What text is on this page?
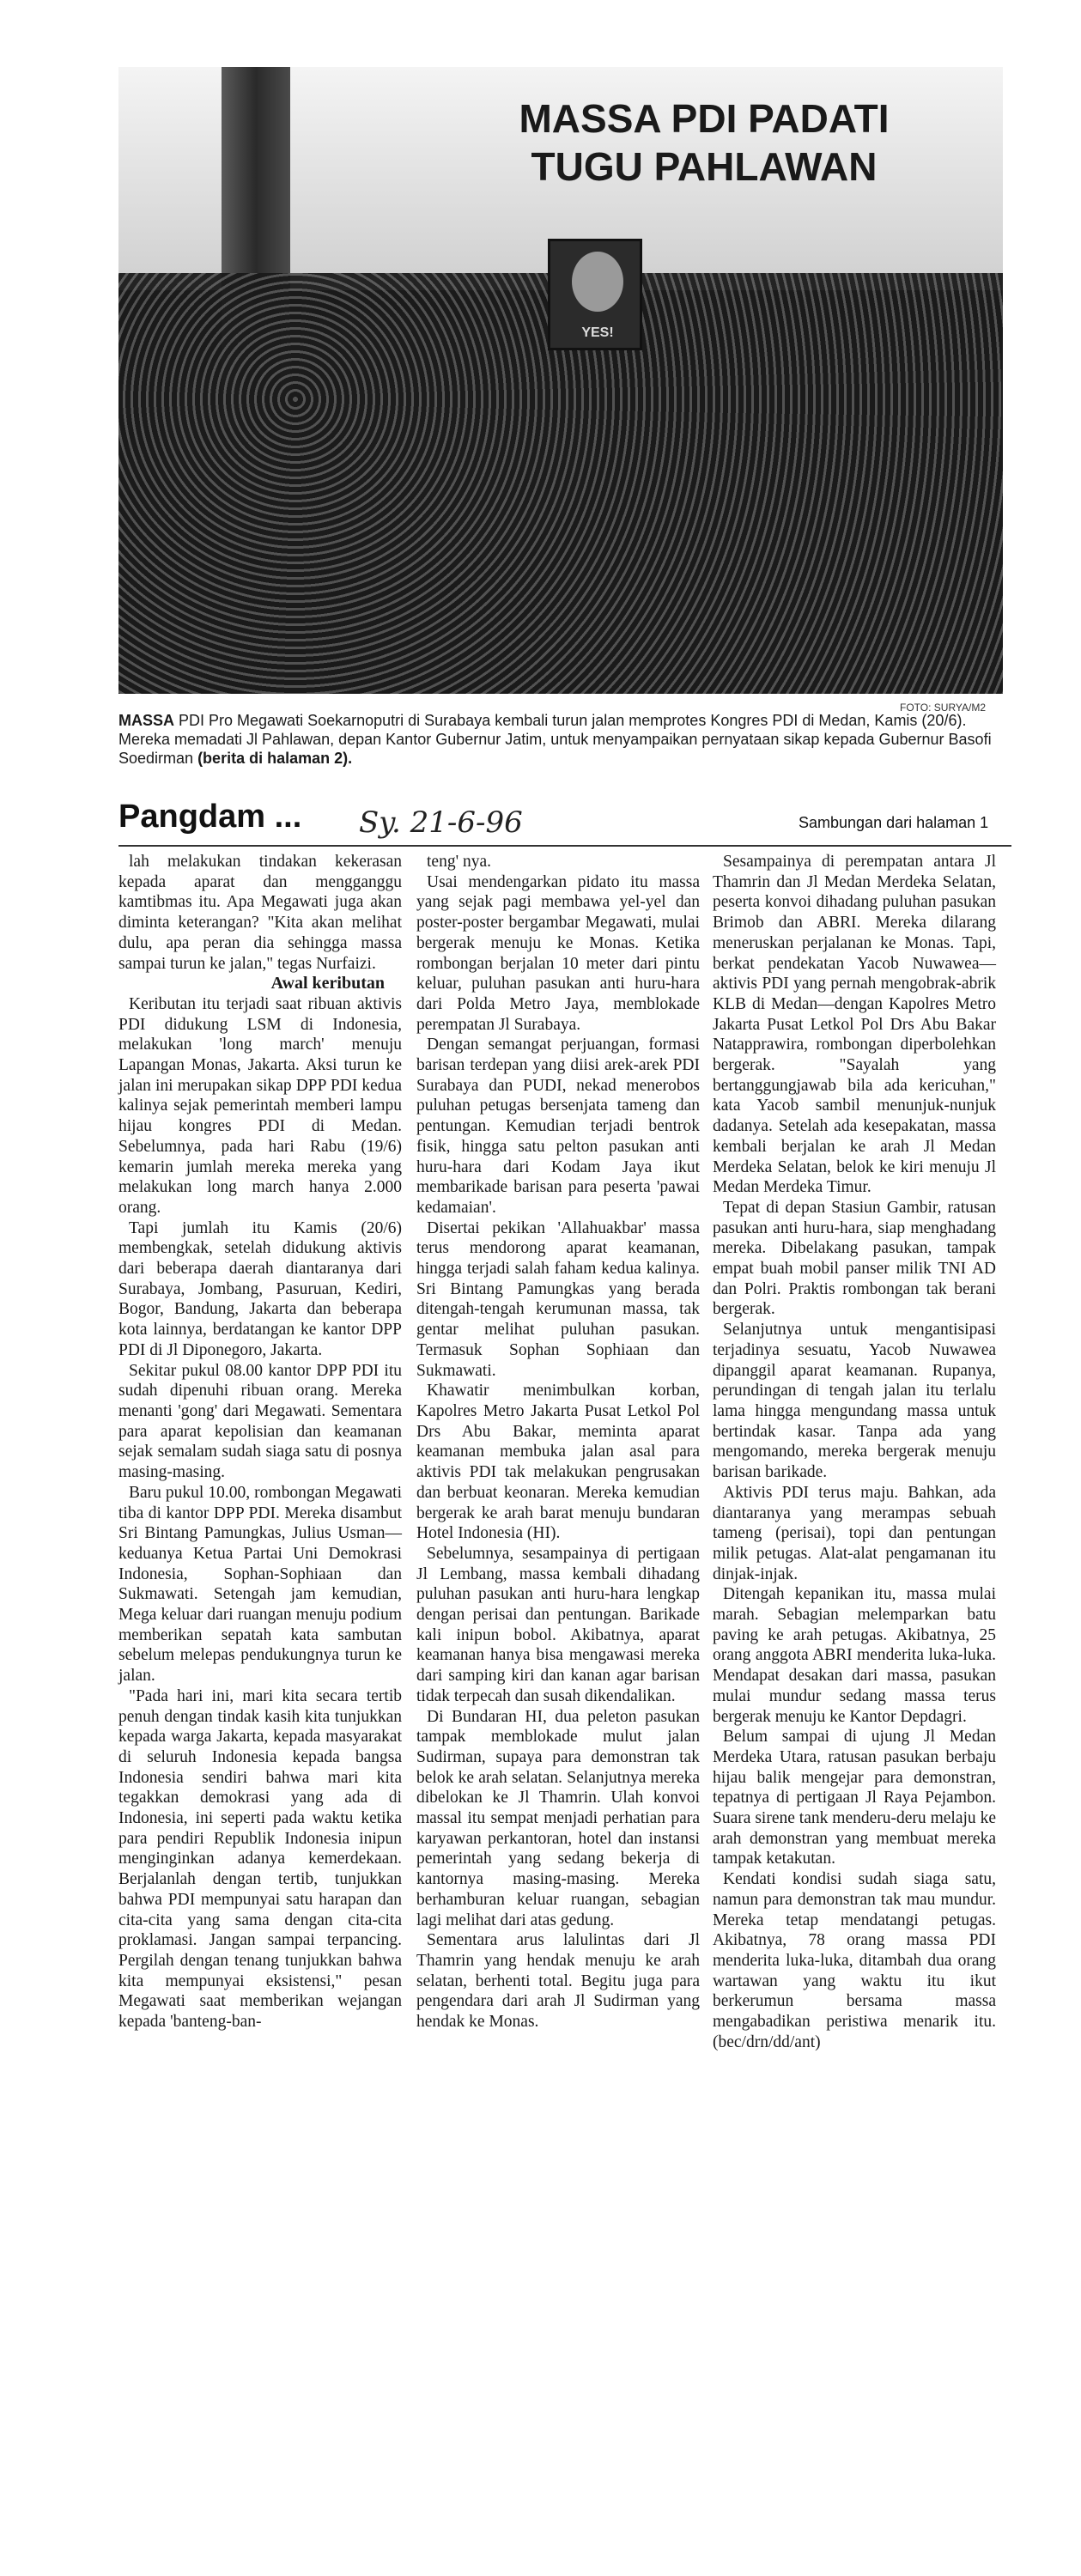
YES!
MASSA PDI PADATI
TUGU PAHLAWAN
FOTO: SURYA/M2
MASSA PDI Pro Megawati Soekarnoputri di Surabaya kembali turun jalan memprotes Kongres PDI di Medan, Kamis (20/6). Mereka memadati Jl Pahlawan, depan Kantor Gubernur Jatim, untuk menyampaikan pernyataan sikap kepada Gubernur Basofi Soedirman (berita di halaman 2).
Pangdam ... Sy. 21-6-96	Sambungan dari halaman 1

lah melakukan tindakan kekerasan kepada aparat dan mengganggu kamtibmas itu. Apa Megawati juga akan diminta keterangan? "Kita akan melihat dulu, apa peran dia sehingga massa sampai turun ke jalan," tegas Nurfaizi.

Awal keributan

Keributan itu terjadi saat ribuan aktivis PDI didukung LSM di Indonesia, melakukan 'long march' menuju Lapangan Monas, Jakarta. Aksi turun ke jalan ini merupakan sikap DPP PDI kedua kalinya sejak pemerintah memberi lampu hijau kongres PDI di Medan. Sebelumnya, pada hari Rabu (19/6) kemarin jumlah mereka mereka yang melakukan long march hanya 2.000 orang.

Tapi jumlah itu Kamis (20/6) membengkak, setelah didukung aktivis dari beberapa daerah diantaranya dari Surabaya, Jombang, Pasuruan, Kediri, Bogor, Bandung, Jakarta dan beberapa kota lainnya, berdatangan ke kantor DPP PDI di Jl Diponegoro, Jakarta.

Sekitar pukul 08.00 kantor DPP PDI itu sudah dipenuhi ribuan orang. Mereka menanti 'gong' dari Megawati. Sementara para aparat kepolisian dan keamanan sejak semalam sudah siaga satu di posnya masing-masing.

Baru pukul 10.00, rombongan Megawati tiba di kantor DPP PDI. Mereka disambut Sri Bintang Pamungkas, Julius Usman—keduanya Ketua Partai Uni Demokrasi Indonesia, Sophan-Sophiaan dan Sukmawati. Setengah jam kemudian, Mega keluar dari ruangan menuju podium memberikan sepatah kata sambutan sebelum melepas pendukungnya turun ke jalan.

"Pada hari ini, mari kita secara tertib penuh dengan tindak kasih kita tunjukkan kepada warga Jakarta, kepada masyarakat di seluruh Indonesia kepada bangsa Indonesia sendiri bahwa mari kita tegakkan demokrasi yang ada di Indonesia, ini seperti pada waktu ketika para pendiri Republik Indonesia inipun menginginkan adanya kemerdekaan. Berjalanlah dengan tertib, tunjukkan bahwa PDI mempunyai satu harapan dan cita-cita yang sama dengan cita-cita proklamasi. Jangan sampai terpancing. Pergilah dengan tenang tunjukkan bahwa kita mempunyai eksistensi," pesan Megawati saat memberikan wejangan kepada 'banteng-ban-

teng' nya.

Usai mendengarkan pidato itu massa yang sejak pagi membawa yel-yel dan poster-poster bergambar Megawati, mulai bergerak menuju ke Monas. Ketika rombongan berjalan 10 meter dari pintu keluar, puluhan pasukan anti huru-hara dari Polda Metro Jaya, memblokade perempatan Jl Surabaya.

Dengan semangat perjuangan, formasi barisan terdepan yang diisi arek-arek PDI Surabaya dan PUDI, nekad menerobos puluhan petugas bersenjata tameng dan pentungan. Kemudian terjadi bentrok fisik, hingga satu pelton pasukan anti huru-hara dari Kodam Jaya ikut membarikade barisan para peserta 'pawai kedamaian'.

Disertai pekikan 'Allahuakbar' massa terus mendorong aparat keamanan, hingga terjadi salah faham kedua kalinya. Sri Bintang Pamungkas yang berada ditengah-tengah kerumunan massa, tak gentar melihat puluhan pasukan. Termasuk Sophan Sophiaan dan Sukmawati.

Khawatir menimbulkan korban, Kapolres Metro Jakarta Pusat Letkol Pol Drs Abu Bakar, meminta aparat keamanan membuka jalan asal para aktivis PDI tak melakukan pengrusakan dan berbuat keonaran. Mereka kemudian bergerak ke arah barat menuju bundaran Hotel Indonesia (HI).

Sebelumnya, sesampainya di pertigaan Jl Lembang, massa kembali dihadang puluhan pasukan anti huru-hara lengkap dengan perisai dan pentungan. Barikade kali inipun bobol. Akibatnya, aparat keamanan hanya bisa mengawasi mereka dari samping kiri dan kanan agar barisan tidak terpecah dan susah dikendalikan.

Di Bundaran HI, dua peleton pasukan tampak memblokade mulut jalan Sudirman, supaya para demonstran tak belok ke arah selatan. Selanjutnya mereka dibelokan ke Jl Thamrin. Ulah konvoi massal itu sempat menjadi perhatian para karyawan perkantoran, hotel dan instansi pemerintah yang sedang bekerja di kantornya masing-masing. Mereka berhamburan keluar ruangan, sebagian lagi melihat dari atas gedung.

Sementara arus lalulintas dari Jl Thamrin yang hendak menuju ke arah selatan, berhenti total. Begitu juga para pengendara dari arah Jl Sudirman yang hendak ke Monas.

Sesampainya di perempatan antara Jl Thamrin dan Jl Medan Merdeka Selatan, peserta konvoi dihadang puluhan pasukan Brimob dan ABRI. Mereka dilarang meneruskan perjalanan ke Monas. Tapi, berkat pendekatan Yacob Nuwawea—aktivis PDI yang pernah mengobrak-abrik KLB di Medan—dengan Kapolres Metro Jakarta Pusat Letkol Pol Drs Abu Bakar Natapprawira, rombongan diperbolehkan bergerak. "Sayalah yang bertanggungjawab bila ada kericuhan," kata Yacob sambil menunjuk-nunjuk dadanya. Setelah ada kesepakatan, massa kembali berjalan ke arah Jl Medan Merdeka Selatan, belok ke kiri menuju Jl Medan Merdeka Timur.

Tepat di depan Stasiun Gambir, ratusan pasukan anti huru-hara, siap menghadang mereka. Dibelakang pasukan, tampak empat buah mobil panser milik TNI AD dan Polri. Praktis rombongan tak berani bergerak.

Selanjutnya untuk mengantisipasi terjadinya sesuatu, Yacob Nuwawea dipanggil aparat keamanan. Rupanya, perundingan di tengah jalan itu terlalu lama hingga mengundang massa untuk bertindak kasar. Tanpa ada yang mengomando, mereka bergerak menuju barisan barikade.

Aktivis PDI terus maju. Bahkan, ada diantaranya yang merampas sebuah tameng (perisai), topi dan pentungan milik petugas. Alat-alat pengamanan itu dinjak-injak.

Ditengah kepanikan itu, massa mulai marah. Sebagian melemparkan batu paving ke arah petugas. Akibatnya, 25 orang anggota ABRI menderita luka-luka. Mendapat desakan dari massa, pasukan mulai mundur sedang massa terus bergerak menuju ke Kantor Depdagri.

Belum sampai di ujung Jl Medan Merdeka Utara, ratusan pasukan berbaju hijau balik mengejar para demonstran, tepatnya di pertigaan Jl Raya Pejambon. Suara sirene tank menderu-deru melaju ke arah demonstran yang membuat mereka tampak ketakutan.

Kendati kondisi sudah siaga satu, namun para demonstran tak mau mundur. Mereka tetap mendatangi petugas. Akibatnya, 78 orang massa PDI menderita luka-luka, ditambah dua orang wartawan yang waktu itu ikut berkerumun bersama massa mengabadikan peristiwa menarik itu. (bec/drn/dd/ant)
